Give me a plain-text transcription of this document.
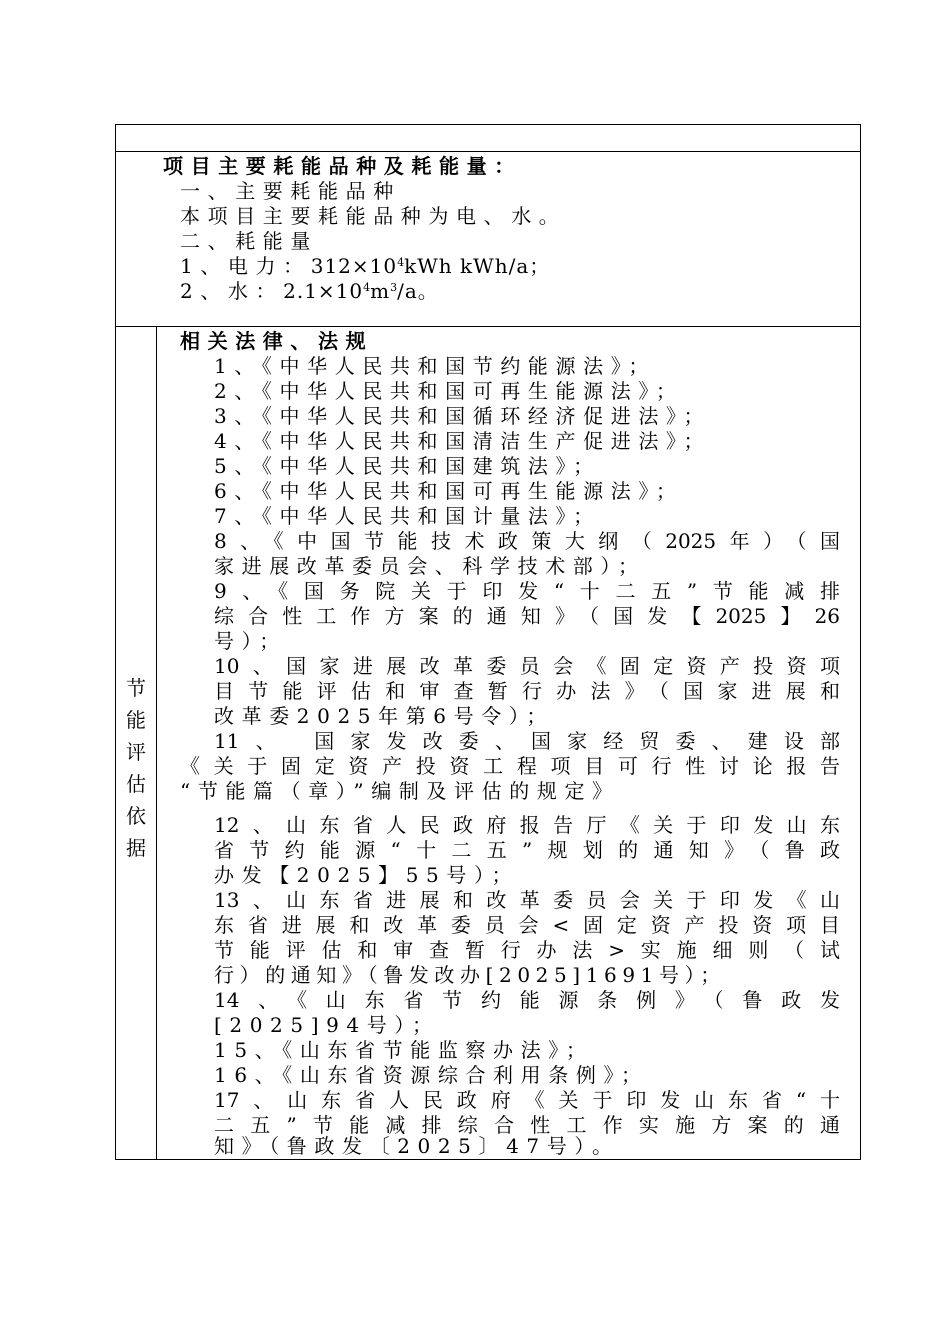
项目主要耗能品种及耗能量：
一、主要耗能品种
本项目主要耗能品种为电、水。
二、耗能量
1、电力：$312\times 10^4kWh$ kWh/a；
2、水：$2.1\times 10^4m^3/a$。
节
能
评
估
依
据
相关法律、法规
1、《中华人民共和国节约能源法》；
2、《中华人民共和国可再生能源法》；
3、《中华人民共和国循环经济促进法》；
4、《中华人民共和国清洁生产促进法》；
5、《中华人民共和国建筑法》；
6、《中华人民共和国可再生能源法》；
7、《中华人民共和国计量法》；
8、《中国节能技术政策大纲（2025年）（国
家进展改革委员会、科学技术部）；
9、《国务院关于印发“十二五”节能减排
综合性工作方案的通知》（国发【2025】26
号）；
10、国家进展改革委员会《固定资产投资项
目节能评估和审查暂行办法》（国家进展和
改革委2025年第6号令）；
11、 国家发改委、国家经贸委、建设部
《关于固定资产投资工程项目可行性讨论报告
“节能篇（章）”编制及评估的规定》
12、山东省人民政府报告厅《关于印发山东
省节约能源“十二五”规划的通知》（鲁政
办发【2025】55号）；
13、山东省进展和改革委员会关于印发《山
东省进展和改革委员会<固定资产投资项目
节能评估和审查暂行办法>实施细则（试
行）的通知》（鲁发改办[2025]1691号）；
14、《山东省节约能源条例》（鲁政发
[2025]94号）；
15、《山东省节能监察办法》；
16、《山东省资源综合利用条例》；
17、山东省人民政府《关于印发山东省“十
二五”节能减排综合性工作实施方案的通
知》（鲁政发〔2025〕47号）。
